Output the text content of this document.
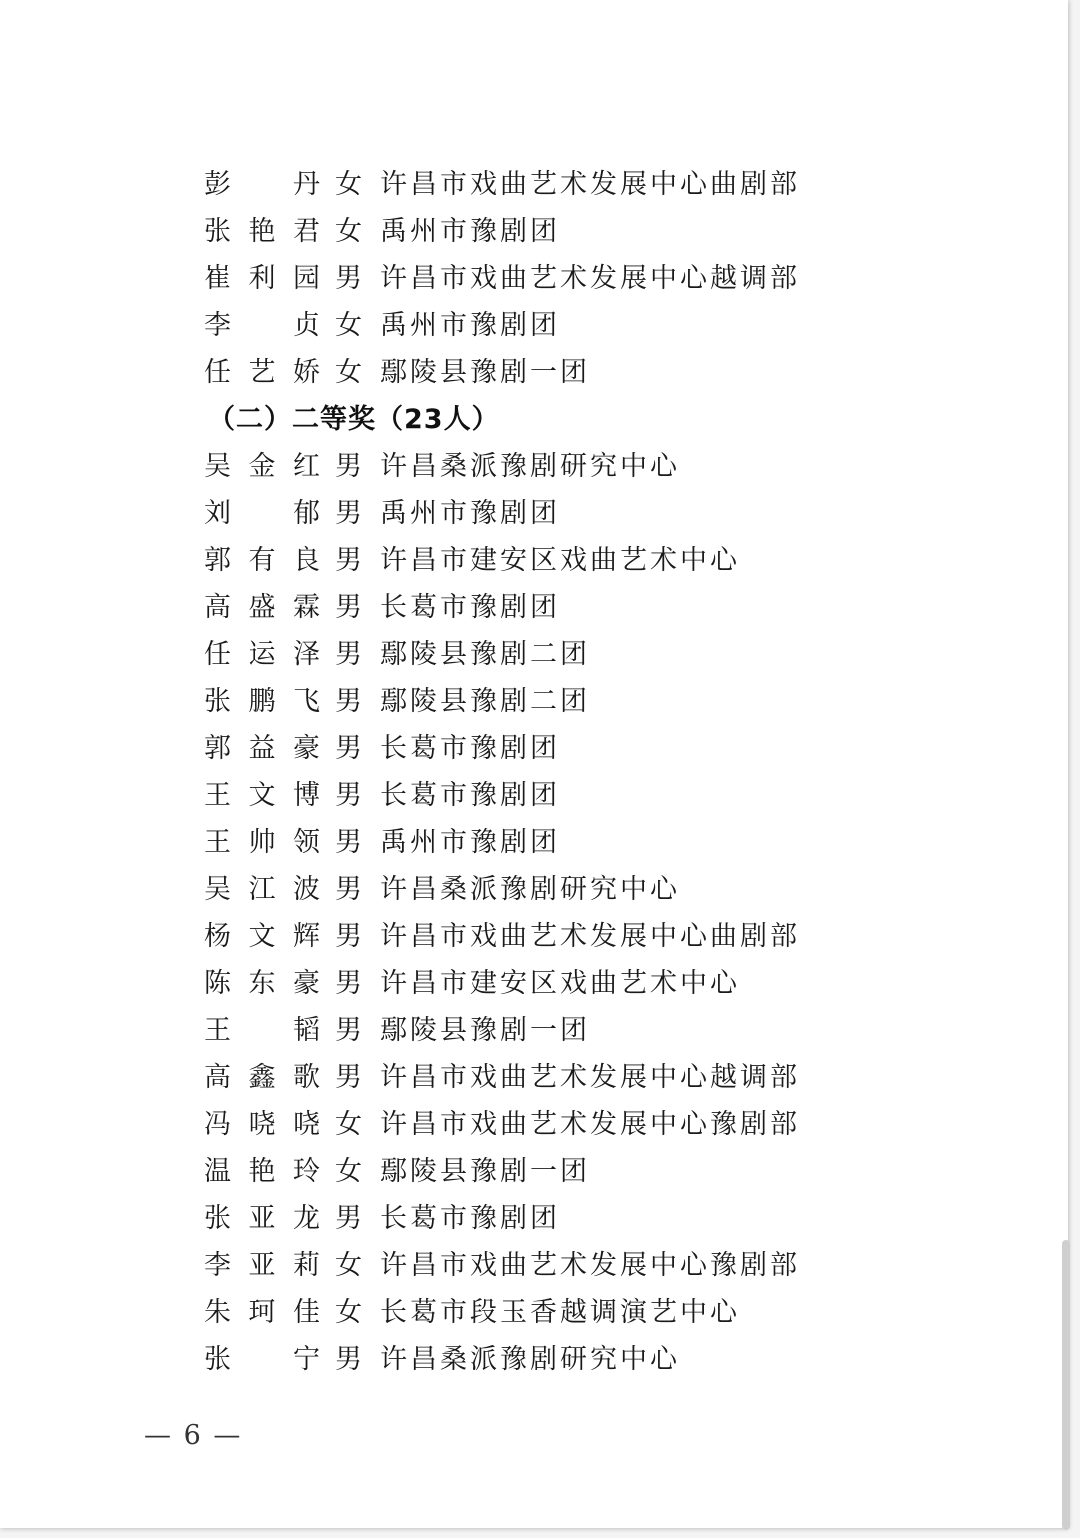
彭丹 女 许昌市戏曲艺术发展中心曲剧部
张艳君 女 禹州市豫剧团
崔利园 男 许昌市戏曲艺术发展中心越调部
李贞 女 禹州市豫剧团
任艺娇 女 鄢陵县豫剧一团
（二）二等奖（23人）
吴金红 男 许昌桑派豫剧研究中心
刘郁 男 禹州市豫剧团
郭有良 男 许昌市建安区戏曲艺术中心
高盛霖 男 长葛市豫剧团
任运泽 男 鄢陵县豫剧二团
张鹏飞 男 鄢陵县豫剧二团
郭益豪 男 长葛市豫剧团
王文博 男 长葛市豫剧团
王帅领 男 禹州市豫剧团
吴江波 男 许昌桑派豫剧研究中心
杨文辉 男 许昌市戏曲艺术发展中心曲剧部
陈东豪 男 许昌市建安区戏曲艺术中心
王韬 男 鄢陵县豫剧一团
高鑫歌 男 许昌市戏曲艺术发展中心越调部
冯哓哓 女 许昌市戏曲艺术发展中心豫剧部
温艳玲 女 鄢陵县豫剧一团
张亚龙 男 长葛市豫剧团
李亚莉 女 许昌市戏曲艺术发展中心豫剧部
朱珂佳 女 长葛市段玉香越调演艺中心
张宁 男 许昌桑派豫剧研究中心
— 6 —
